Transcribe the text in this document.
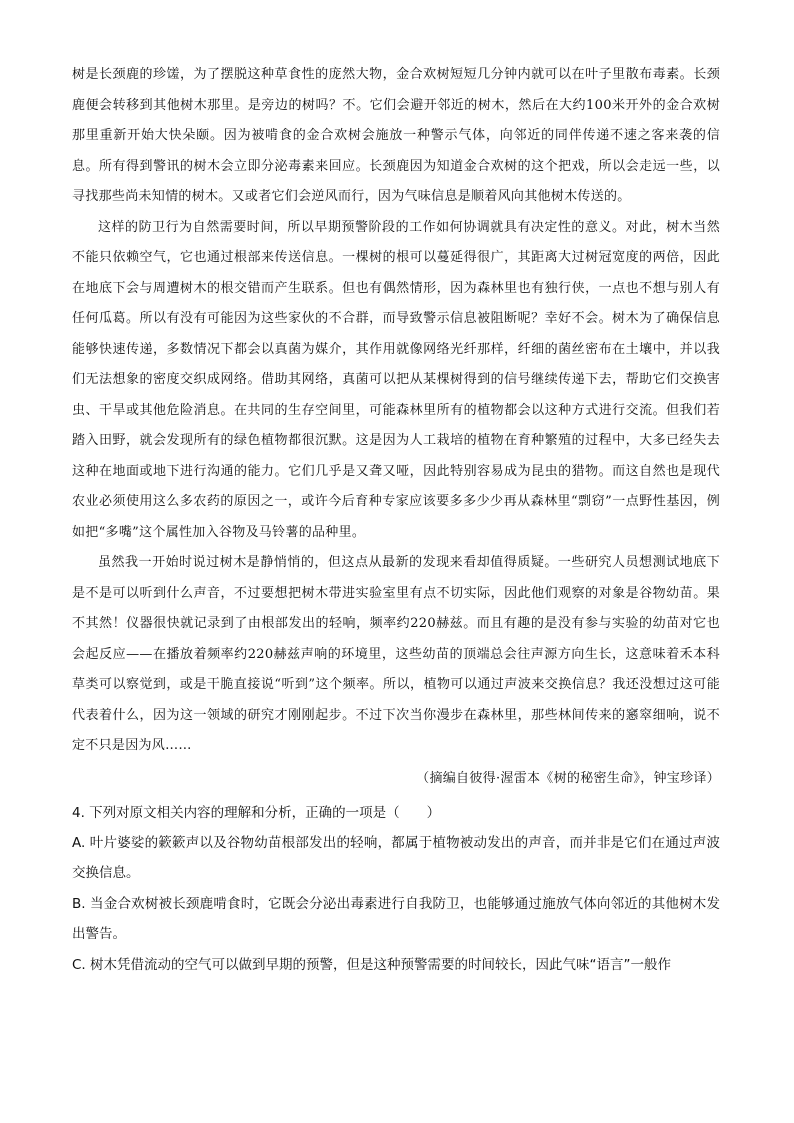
树是长颈鹿的珍馐，为了摆脱这种草食性的庞然大物，金合欢树短短几分钟内就可以在叶子里散布毒素。长颈鹿便会转移到其他树木那里。是旁边的树吗？不。它们会避开邻近的树木，然后在大约100米开外的金合欢树那里重新开始大快朵颐。因为被啃食的金合欢树会施放一种警示气体，向邻近的同伴传递不速之客来袭的信息。所有得到警讯的树木会立即分泌毒素来回应。长颈鹿因为知道金合欢树的这个把戏，所以会走远一些，以寻找那些尚未知情的树木。又或者它们会逆风而行，因为气味信息是顺着风向其他树木传送的。

这样的防卫行为自然需要时间，所以早期预警阶段的工作如何协调就具有决定性的意义。对此，树木当然不能只依赖空气，它也通过根部来传送信息。一棵树的根可以蔓延得很广，其距离大过树冠宽度的两倍，因此在地底下会与周遭树木的根交错而产生联系。但也有偶然情形，因为森林里也有独行侠，一点也不想与别人有任何瓜葛。所以有没有可能因为这些家伙的不合群，而导致警示信息被阻断呢？幸好不会。树木为了确保信息能够快速传递，多数情况下都会以真菌为媒介，其作用就像网络光纤那样，纤细的菌丝密布在土壤中，并以我们无法想象的密度交织成网络。借助其网络，真菌可以把从某棵树得到的信号继续传递下去，帮助它们交换害虫、干旱或其他危险消息。在共同的生存空间里，可能森林里所有的植物都会以这种方式进行交流。但我们若踏入田野，就会发现所有的绿色植物都很沉默。这是因为人工栽培的植物在育种繁殖的过程中，大多已经失去这种在地面或地下进行沟通的能力。它们几乎是又聋又哑，因此特别容易成为昆虫的猎物。而这自然也是现代农业必须使用这么多农药的原因之一，或许今后育种专家应该要多多少少再从森林里“剽窃”一点野性基因，例如把“多嘴”这个属性加入谷物及马铃薯的品种里。

虽然我一开始时说过树木是静悄悄的，但这点从最新的发现来看却值得质疑。一些研究人员想测试地底下是不是可以听到什么声音，不过要想把树木带进实验室里有点不切实际，因此他们观察的对象是谷物幼苗。果不其然！仪器很快就记录到了由根部发出的轻响，频率约220赫兹。而且有趣的是没有参与实验的幼苗对它也会起反应——在播放着频率约220赫兹声响的环境里，这些幼苗的顶端总会往声源方向生长，这意味着禾本科草类可以察觉到，或是干脆直接说“听到”这个频率。所以，植物可以通过声波来交换信息？我还没想过这可能代表着什么，因为这一领域的研究才刚刚起步。不过下次当你漫步在森林里，那些林间传来的窸窣细响，说不定不只是因为风……

（摘编自彼得·渥雷本《树的秘密生命》，钟宝珍译）

4. 下列对原文相关内容的理解和分析，正确的一项是（　　）

A. 叶片婆娑的簌簌声以及谷物幼苗根部发出的轻响，都属于植物被动发出的声音，而并非是它们在通过声波交换信息。

B. 当金合欢树被长颈鹿啃食时，它既会分泌出毒素进行自我防卫，也能够通过施放气体向邻近的其他树木发出警告。

C. 树木凭借流动的空气可以做到早期的预警，但是这种预警需要的时间较长，因此气味“语言”一般作
